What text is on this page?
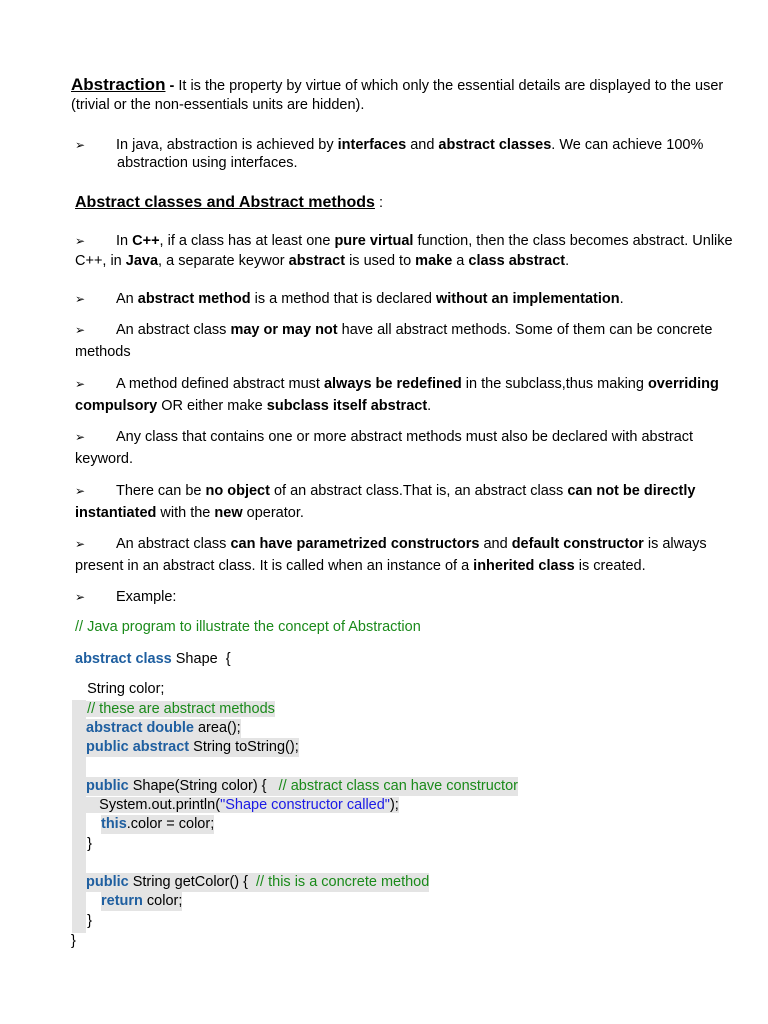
Abstraction - It is the property by virtue of which only the essential details are displayed to the user
(trivial or the non-essentials units are hidden).
➢ In java, abstraction is achieved by interfaces and abstract classes. We can achieve 100%
abstraction using interfaces.
Abstract classes and Abstract methods :
➢ In C++, if a class has at least one pure virtual function, then the class becomes abstract. Unlike
C++, in Java, a separate keywor abstract is used to make a class abstract.
➢ An abstract method is a method that is declared without an implementation.
➢ An abstract class may or may not have all abstract methods. Some of them can be concrete
methods
➢ A method defined abstract must always be redefined in the subclass,thus making overriding
compulsory OR either make subclass itself abstract.
➢ Any class that contains one or more abstract methods must also be declared with abstract
keyword.
➢ There can be no object of an abstract class.That is, an abstract class can not be directly
instantiated with the new operator.
➢ An abstract class can have parametrized constructors and default constructor is always
present in an abstract class. It is called when an instance of a inherited class is created.
➢ Example:
// Java program to illustrate the concept of Abstraction
abstract class Shape  {
String color;
// these are abstract methods
abstract double area();
public abstract String toString();
public Shape(String color) {   // abstract class can have constructor
System.out.println("Shape constructor called");
this.color = color;
}
public String getColor() {  // this is a concrete method
return color;
}
}
